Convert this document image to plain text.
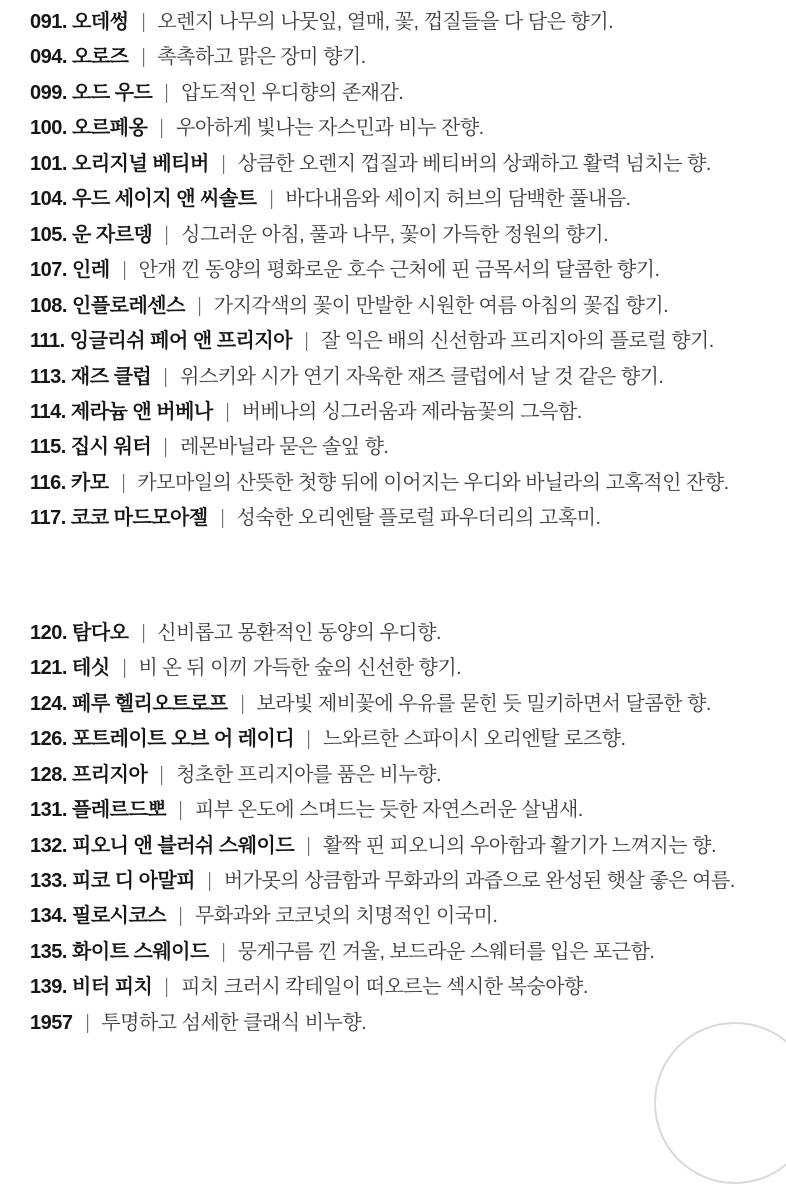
091. 오데썽 | 오렌지 나무의 나뭇잎, 열매, 꽃, 껍질들을 다 담은 향기.

094. 오로즈 | 촉촉하고 맑은 장미 향기.

099. 오드 우드 | 압도적인 우디향의 존재감.

100. 오르페옹 | 우아하게 빛나는 자스민과 비누 잔향.

101. 오리지널 베티버 | 상큼한 오렌지 껍질과 베티버의 상쾌하고 활력 넘치는 향.

104. 우드 세이지 앤 씨솔트 | 바다내음와 세이지 허브의 담백한 풀내음.

105. 운 자르뎅 | 싱그러운 아침, 풀과 나무, 꽃이 가득한 정원의 향기.

107. 인레 | 안개 낀 동양의 평화로운 호수 근처에 핀 금목서의 달콤한 향기.

108. 인플로레센스 | 가지각색의 꽃이 만발한 시원한 여름 아침의 꽃집 향기.

111. 잉글리쉬 페어 앤 프리지아 | 잘 익은 배의 신선함과 프리지아의 플로럴 향기.

113. 재즈 클럽 | 위스키와 시가 연기 자욱한 재즈 클럽에서 날 것 같은 향기.

114. 제라늄 앤 버베나 | 버베나의 싱그러움과 제라늄꽃의 그윽함.

115. 집시 워터 | 레몬바닐라 묻은 솔잎 향.

116. 카모 | 카모마일의 산뜻한 첫향 뒤에 이어지는 우디와 바닐라의 고혹적인 잔향.

117. 코코 마드모아젤 | 성숙한 오리엔탈 플로럴 파우더리의 고혹미.

120. 탐다오 | 신비롭고 몽환적인 동양의 우디향.

121. 테싯 | 비 온 뒤 이끼 가득한 숲의 신선한 향기.

124. 페루 헬리오트로프 | 보라빛 제비꽃에 우유를 묻힌 듯 밀키하면서 달콤한 향.

126. 포트레이트 오브 어 레이디 | 느와르한 스파이시 오리엔탈 로즈향.

128. 프리지아 | 청초한 프리지아를 품은 비누향.

131. 플레르드뽀 | 피부 온도에 스며드는 듯한 자연스러운 살냄새.

132. 피오니 앤 블러쉬 스웨이드 | 활짝 핀 피오니의 우아함과 활기가 느껴지는 향.

133. 피코 디 아말피 | 버가못의 상큼함과 무화과의 과즙으로 완성된 햇살 좋은 여름.

134. 필로시코스 | 무화과와 코코넛의 치명적인 이국미.

135. 화이트 스웨이드 | 뭉게구름 낀 겨울, 보드라운 스웨터를 입은 포근함.

139. 비터 피치 | 피치 크러시 칵테일이 떠오르는 섹시한 복숭아향.

1957 | 투명하고 섬세한 클래식 비누향.
